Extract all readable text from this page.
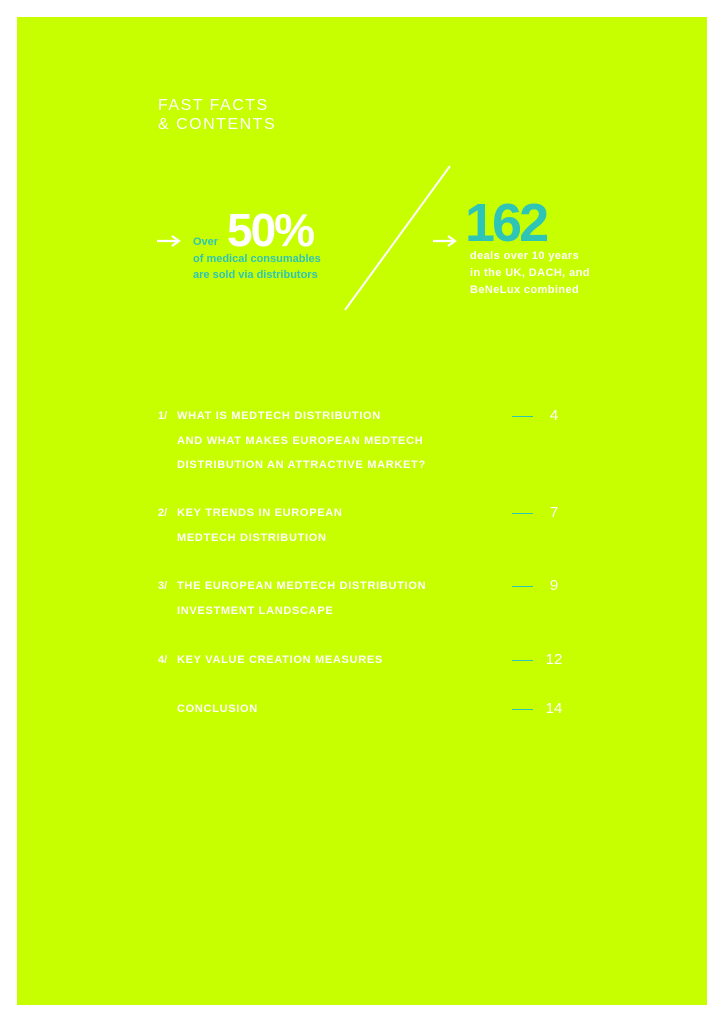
FAST FACTS
& CONTENTS
Over 50%
of medical consumables
are sold via distributors
162
deals over 10 years
in the UK, DACH, and
BeNeLux combined
1/ WHAT IS MEDTECH DISTRIBUTION
AND WHAT MAKES EUROPEAN MEDTECH
DISTRIBUTION AN ATTRACTIVE MARKET?
4
2/ KEY TRENDS IN EUROPEAN
MEDTECH DISTRIBUTION
7
3/ THE EUROPEAN MEDTECH DISTRIBUTION
INVESTMENT LANDSCAPE
9
4/ KEY VALUE CREATION MEASURES	12
CONCLUSION	14
